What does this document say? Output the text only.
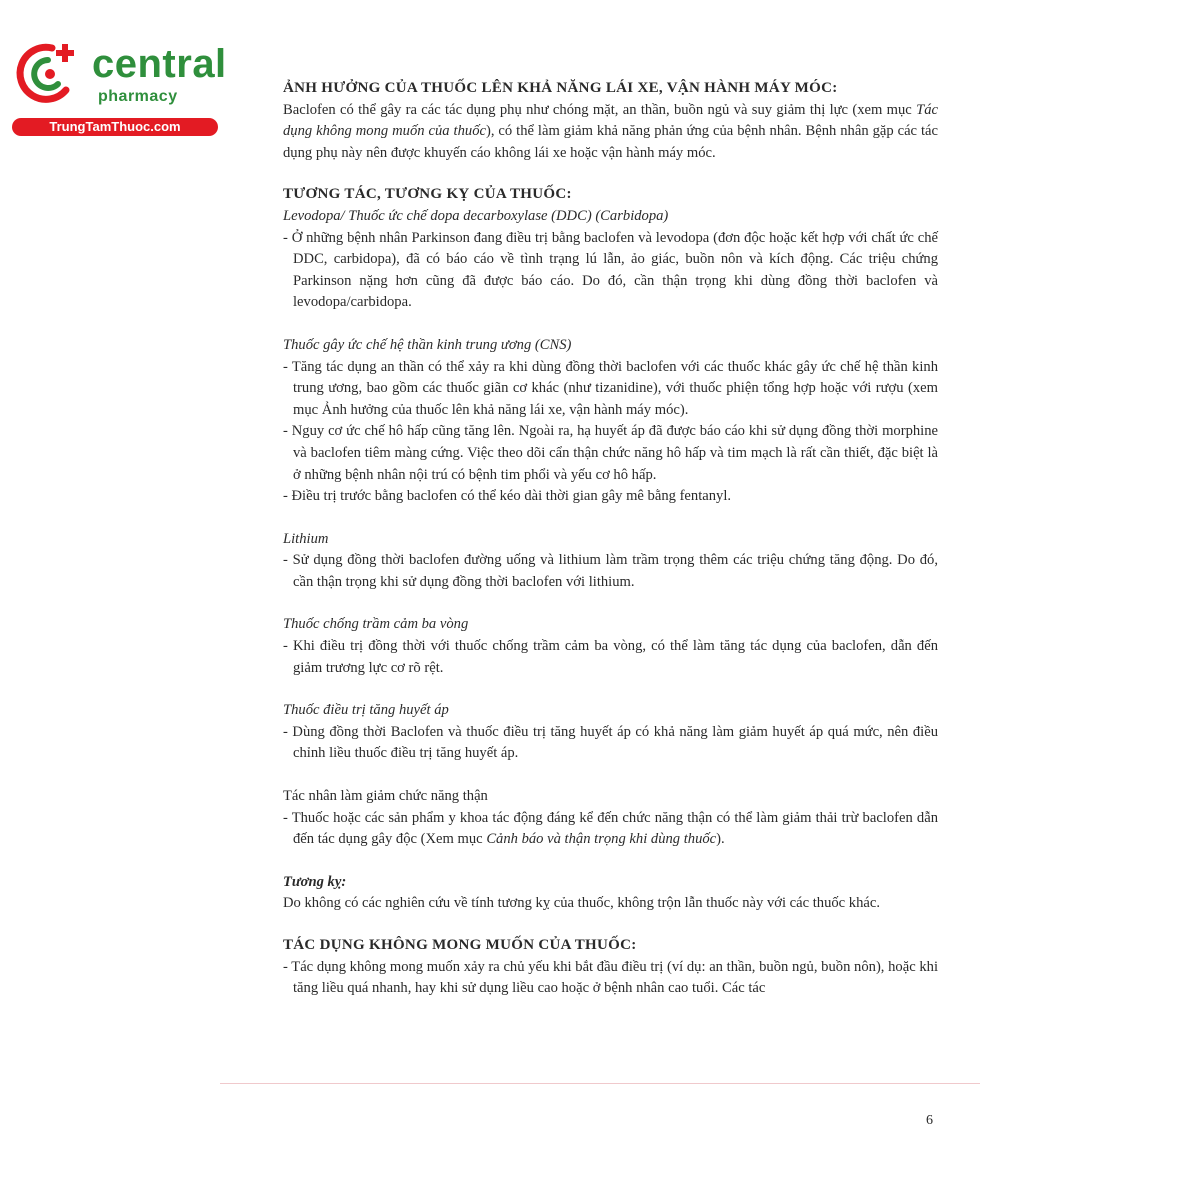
central
pharmacy
TrungTamThuoc.com

ẢNH HƯỞNG CỦA THUỐC LÊN KHẢ NĂNG LÁI XE, VẬN HÀNH MÁY MÓC:

Baclofen có thể gây ra các tác dụng phụ như chóng mặt, an thần, buồn ngủ và suy giảm thị lực (xem mục Tác dụng không mong muốn của thuốc), có thể làm giảm khả năng phản ứng của bệnh nhân. Bệnh nhân gặp các tác dụng phụ này nên được khuyến cáo không lái xe hoặc vận hành máy móc.

TƯƠNG TÁC, TƯƠNG KỴ CỦA THUỐC:

Levodopa/ Thuốc ức chế dopa decarboxylase (DDC) (Carbidopa)

- Ở những bệnh nhân Parkinson đang điều trị bằng baclofen và levodopa (đơn độc hoặc kết hợp với chất ức chế DDC, carbidopa), đã có báo cáo về tình trạng lú lẫn, ảo giác, buồn nôn và kích động. Các triệu chứng Parkinson nặng hơn cũng đã được báo cáo. Do đó, cần thận trọng khi dùng đồng thời baclofen và levodopa/carbidopa.

Thuốc gây ức chế hệ thần kinh trung ương (CNS)

- Tăng tác dụng an thần có thể xảy ra khi dùng đồng thời baclofen với các thuốc khác gây ức chế hệ thần kinh trung ương, bao gồm các thuốc giãn cơ khác (như tizanidine), với thuốc phiện tổng hợp hoặc với rượu (xem mục Ảnh hưởng của thuốc lên khả năng lái xe, vận hành máy móc).

- Nguy cơ ức chế hô hấp cũng tăng lên. Ngoài ra, hạ huyết áp đã được báo cáo khi sử dụng đồng thời morphine và baclofen tiêm màng cứng. Việc theo dõi cẩn thận chức năng hô hấp và tim mạch là rất cần thiết, đặc biệt là ở những bệnh nhân nội trú có bệnh tim phổi và yếu cơ hô hấp.

- Điều trị trước bằng baclofen có thể kéo dài thời gian gây mê bằng fentanyl.

Lithium

- Sử dụng đồng thời baclofen đường uống và lithium làm trầm trọng thêm các triệu chứng tăng động. Do đó, cần thận trọng khi sử dụng đồng thời baclofen với lithium.

Thuốc chống trầm cảm ba vòng

- Khi điều trị đồng thời với thuốc chống trầm cảm ba vòng, có thể làm tăng tác dụng của baclofen, dẫn đến giảm trương lực cơ rõ rệt.

Thuốc điều trị tăng huyết áp

- Dùng đồng thời Baclofen và thuốc điều trị tăng huyết áp có khả năng làm giảm huyết áp quá mức, nên điều chỉnh liều thuốc điều trị tăng huyết áp.

Tác nhân làm giảm chức năng thận

- Thuốc hoặc các sản phẩm y khoa tác động đáng kể đến chức năng thận có thể làm giảm thải trừ baclofen dẫn đến tác dụng gây độc (Xem mục Cảnh báo và thận trọng khi dùng thuốc).

Tương kỵ:

Do không có các nghiên cứu về tính tương kỵ của thuốc, không trộn lẫn thuốc này với các thuốc khác.

TÁC DỤNG KHÔNG MONG MUỐN CỦA THUỐC:

- Tác dụng không mong muốn xảy ra chủ yếu khi bắt đầu điều trị (ví dụ: an thần, buồn ngủ, buồn nôn), hoặc khi tăng liều quá nhanh, hay khi sử dụng liều cao hoặc ở bệnh nhân cao tuổi. Các tác

6
